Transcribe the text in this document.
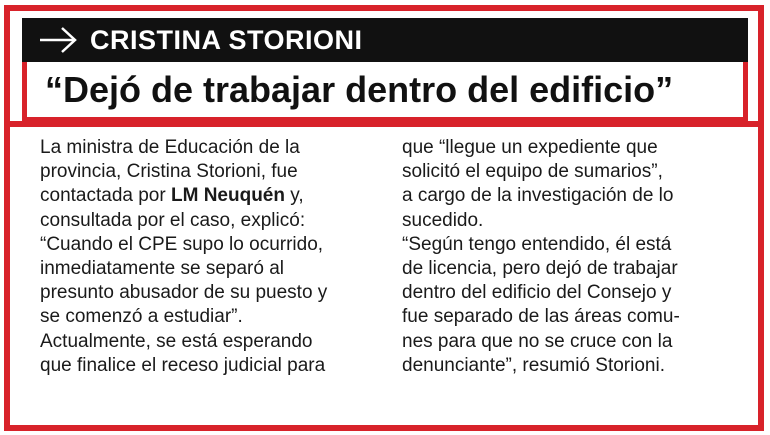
CRISTINA STORIONI
“Dejó de trabajar dentro del edificio”
La ministra de Educación de la
provincia, Cristina Storioni, fue
contactada por LM Neuquén y,
consultada por el caso, explicó:
“Cuando el CPE supo lo ocurrido,
inmediatamente se separó al
presunto abusador de su puesto y
se comenzó a estudiar”.
Actualmente, se está esperando
que finalice el receso judicial para
que “llegue un expediente que
solicitó el equipo de sumarios”,
a cargo de la investigación de lo
sucedido.
“Según tengo entendido, él está
de licencia, pero dejó de trabajar
dentro del edificio del Consejo y
fue separado de las áreas comu-
nes para que no se cruce con la
denunciante”, resumió Storioni.
